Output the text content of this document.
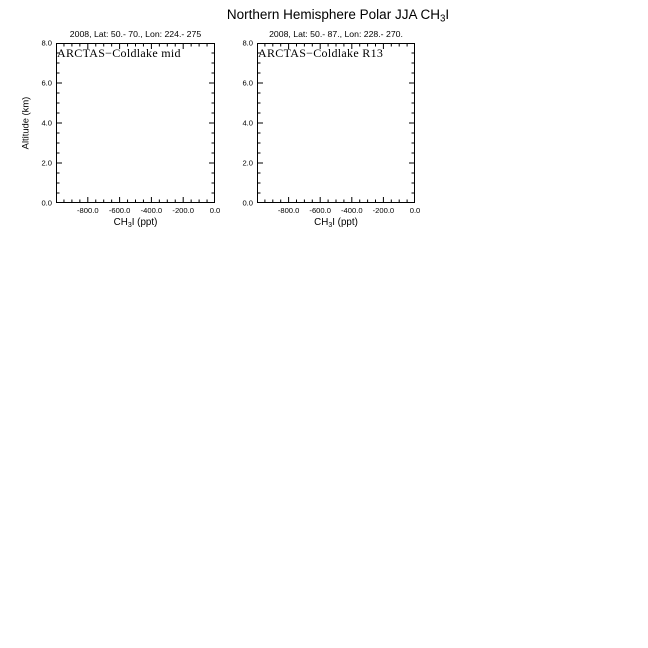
Northern Hemisphere Polar JJA $CH_3I$
Altitude (km)
2008, Lat: 50.- 70., Lon: 224.- 275
ARCTAS−Coldlake mid
$CH_3I$ (ppt)
-800.0 -600.0 -400.0 -200.0 0.0
0.0
2.0
4.0
6.0
8.0
2008, Lat: 50.- 87., Lon: 228.- 270.
ARCTAS−Coldlake R13
$CH_3I$ (ppt)
-800.0 -600.0 -400.0 -200.0 0.0
0.0
2.0
4.0
6.0
8.0
